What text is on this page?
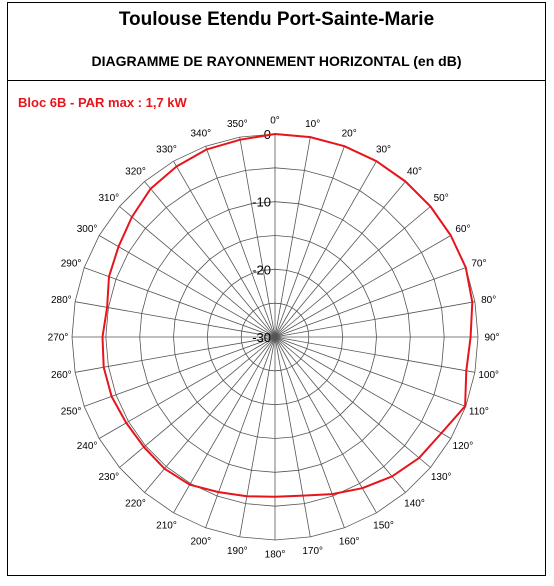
Toulouse Etendu Port-Sainte-Marie
DIAGRAMME DE RAYONNEMENT HORIZONTAL (en dB)
Bloc 6B - PAR max : 1,7 kW
0
-10
-20
-30
0°	10°
20°
30°
40°
50°
60°
70°
80°
90°
100°
110°
120°
130°
140°
150°
160°
170°
180°
190°
200°
210°
220°
230°
240°
250°
260°
270°
280°
290°
300°
310°
320°
330°
340°
350°
